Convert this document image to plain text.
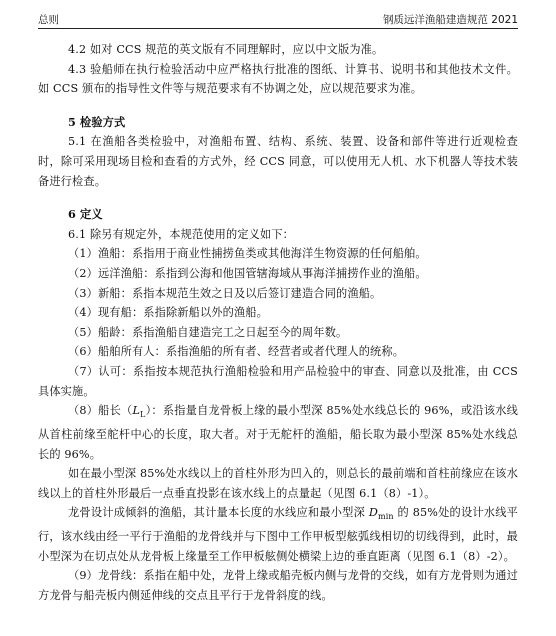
总则	钢质远洋渔船建造规范 2021

4.2 如对 CCS 规范的英文版有不同理解时，应以中文版为准。

4.3 验船师在执行检验活动中应严格执行批准的图纸、计算书、说明书和其他技术文件。如 CCS 颁布的指导性文件等与规范要求有不协调之处，应以规范要求为准。

5 检验方式

5.1 在渔船各类检验中，对渔船布置、结构、系统、装置、设备和部件等进行近观检查时，除可采用现场目检和查看的方式外，经 CCS 同意，可以使用无人机、水下机器人等技术装备进行检查。

6 定义

6.1 除另有规定外，本规范使用的定义如下：

（1）渔船：系指用于商业性捕捞鱼类或其他海洋生物资源的任何船舶。

（2）远洋渔船：系指到公海和他国管辖海域从事海洋捕捞作业的渔船。

（3）新船：系指本规范生效之日及以后签订建造合同的渔船。

（4）现有船：系指除新船以外的渔船。

（5）船龄：系指渔船自建造完工之日起至今的周年数。

（6）船舶所有人：系指渔船的所有者、经营者或者代理人的统称。

（7）认可：系指按本规范执行渔船检验和用产品检验中的审查、同意以及批准，由 CCS 具体实施。

（8）船长$(L_L)$：系指量自龙骨板上缘的最小型深 85%处水线总长的 96%，或沿该水线从首柱前缘至舵杆中心的长度，取大者。对于无舵杆的渔船，船长取为最小型深 85%处水线总长的 96%。

如在最小型深 85%处水线以上的首柱外形为凹入的，则总长的最前端和首柱前缘应在该水线以上的首柱外形最后一点垂直投影在该水线上的点量起（见图 6.1（8）-1）。

龙骨设计成倾斜的渔船，其计量本长度的水线应和最小型深 $D_{min}$ 的 85%处的设计水线平行，该水线由经一平行于渔船的龙骨线并与下图中工作甲板型舷弧线相切的切线得到，此时，最小型深为在切点处从龙骨板上缘量至工作甲板舷侧处横梁上边的垂直距离（见图 6.1（8）-2）。

（9）龙骨线：系指在船中处，龙骨上缘或船壳板内侧与龙骨的交线，如有方龙骨则为通过方龙骨与船壳板内侧延伸线的交点且平行于龙骨斜度的线。
